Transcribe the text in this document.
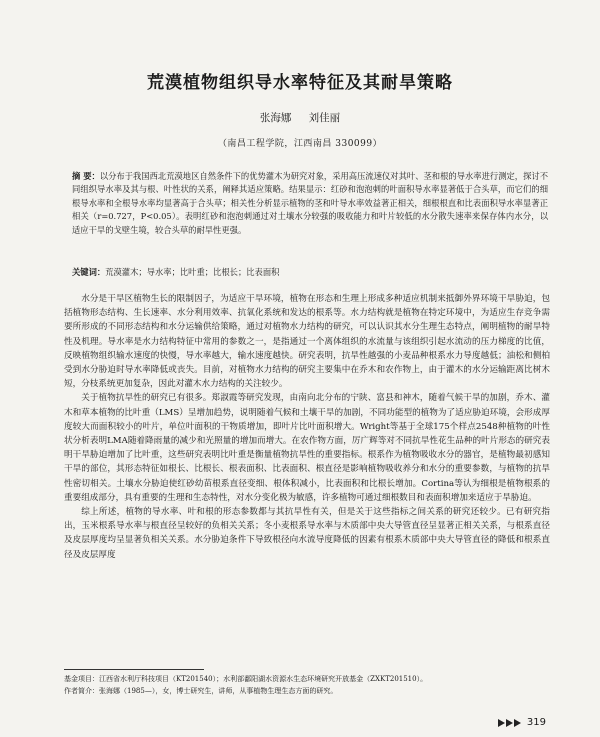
荒漠植物组织导水率特征及其耐旱策略
张海娜 刘佳丽
（南昌工程学院，江西南昌 330099）
摘 要：以分布于我国西北荒漠地区自然条件下的优势灌木为研究对象，采用高压流速仪对其叶、茎和根的导水率进行测定，探讨不同组织导水率及其与根、叶性状的关系，阐释其适应策略。结果显示：红砂和泡泡刺的叶面积导水率显著低于合头草，而它们的细根导水率和全根导水率均显著高于合头草；相关性分析显示植物的茎和叶导水率效益著正相关，细根根直和比表面积导水率显著正相关（r=0.727，P<0.05）。表明红砂和泡泡刺通过对土壤水分较强的吸收能力和叶片较低的水分散失速率来保存体内水分，以适应干旱的戈壁生境，较合头草的耐旱性更强。
关键词：荒漠灌木；导水率；比叶重；比根长；比表面积

水分是干旱区植物生长的限制因子，为适应干旱环境，植物在形态和生理上形成多种适应机制来抵御外界环境干旱胁迫，包括植物形态结构、生长速率、水分利用效率、抗氧化系统和发达的根系等。水力结构就是植物在特定环境中，为适应生存竞争需要所形成的不同形态结构和水分运输供给策略，通过对植物水力结构的研究，可以认识其水分生理生态特点，阐明植物的耐旱特性及机理。导水率是水力结构特征中常用的参数之一，是指通过一个离体组织的水流量与该组织引起水流动的压力梯度的比值，反映植物组织输水速度的快慢，导水率越大，输水速度越快。研究表明，抗旱性越强的小麦品种根系水力导度越低；油松和侧柏受到水分胁迫时导水率降低或丧失。目前，对植物水力结构的研究主要集中在乔木和农作物上，由于灌木的水分运输距离比树木短，分枝系统更加复杂，因此对灌木水力结构的关注较少。

关于植物抗旱性的研究已有很多。郑淑霞等研究发现，由南向北分布的宁陕、富县和神木，随着气候干旱的加剧，乔木、灌木和草本植物的比叶重（LMS）呈增加趋势，说明随着气候和土壤干旱的加剧，不同功能型的植物为了适应胁迫环境，会形成厚度较大而面积较小的叶片，单位叶面积的干物质增加，即叶片比叶面积增大。Wright等基于全球175个样点2548种植物的叶性状分析表明LMA随着降雨量的减少和光照量的增加而增大。在农作物方面，厉广辉等对不同抗旱性花生品种的叶片形态的研究表明干旱胁迫增加了比叶重，这些研究表明比叶重是衡量植物抗旱性的重要指标。根系作为植物吸收水分的器官，是植物最初感知干旱的部位，其形态特征如根长、比根长、根表面积、比表面积、根直径是影响植物吸收养分和水分的重要参数，与植物的抗旱性密切相关。土壤水分胁迫使红砂幼苗根系直径变细、根体积减小，比表面积和比根长增加。Cortina等认为细根是植物根系的重要组成部分，具有重要的生理和生态特性，对水分变化极为敏感，许多植物可通过细根数目和表面积增加来适应于旱胁迫。

综上所述，植物的导水率、叶和根的形态参数都与其抗旱性有关，但是关于这些指标之间关系的研究还较少。已有研究指出，玉米根系导水率与根直径呈较好的负相关关系；冬小麦根系导水率与木质部中央大导管直径呈显著正相关关系，与根系直径及皮层厚度均呈显著负相关关系。水分胁迫条件下导致根径向水流导度降低的因素有根系木质部中央大导管直径的降低和根系直径及皮层厚度

基金项目：江西省水利厅科技项目（KT201540）；水利部鄱阳湖水资源水生态环境研究开放基金（ZXKT201510）。
作者简介：张海娜（1985—），女，博士研究生，讲师，从事植物生理生态方面的研究。
319
